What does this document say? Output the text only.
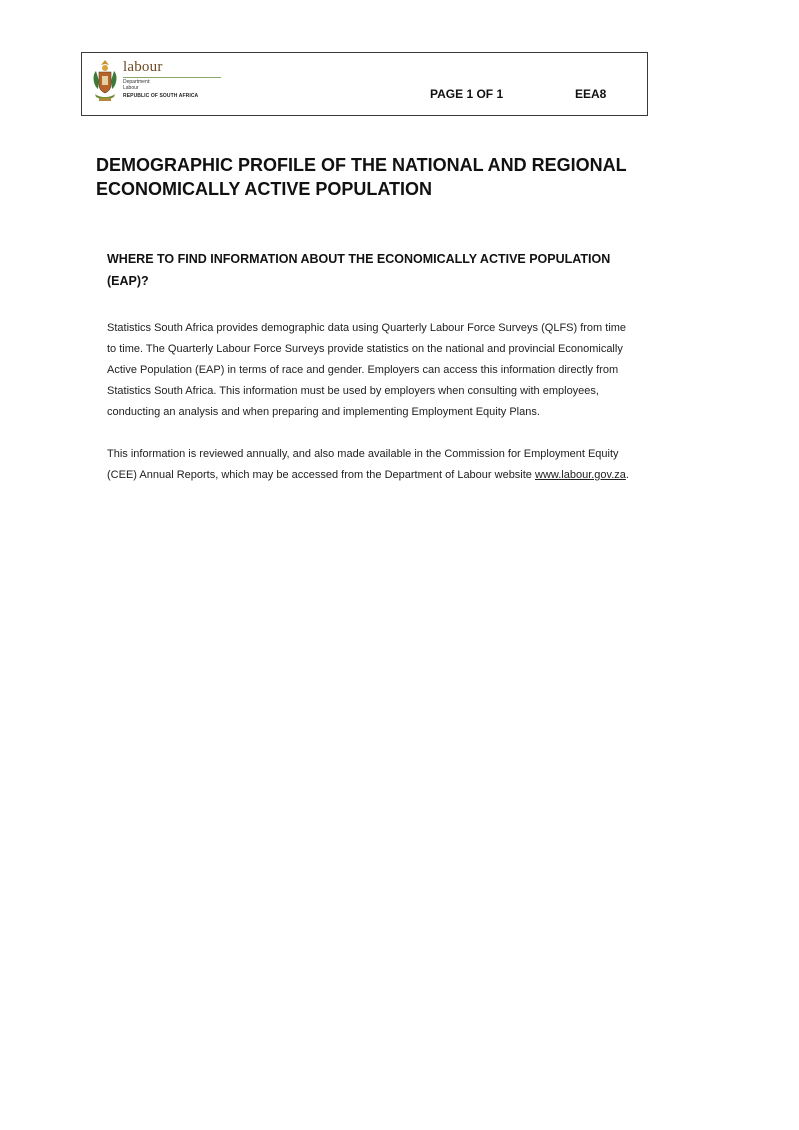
labour
Department:
Labour
REPUBLIC OF SOUTH AFRICA	PAGE 1 OF 1	EEA8
DEMOGRAPHIC PROFILE OF THE NATIONAL AND REGIONAL
ECONOMICALLY ACTIVE POPULATION
WHERE TO FIND INFORMATION ABOUT THE ECONOMICALLY ACTIVE POPULATION
(EAP)?

Statistics South Africa provides demographic data using Quarterly Labour Force Surveys (QLFS) from time
to time. The Quarterly Labour Force Surveys provide statistics on the national and provincial Economically
Active Population (EAP) in terms of race and gender. Employers can access this information directly from
Statistics South Africa. This information must be used by employers when consulting with employees,
conducting an analysis and when preparing and implementing Employment Equity Plans.

This information is reviewed annually, and also made available in the Commission for Employment Equity
(CEE) Annual Reports, which may be accessed from the Department of Labour website www.labour.gov.za.
